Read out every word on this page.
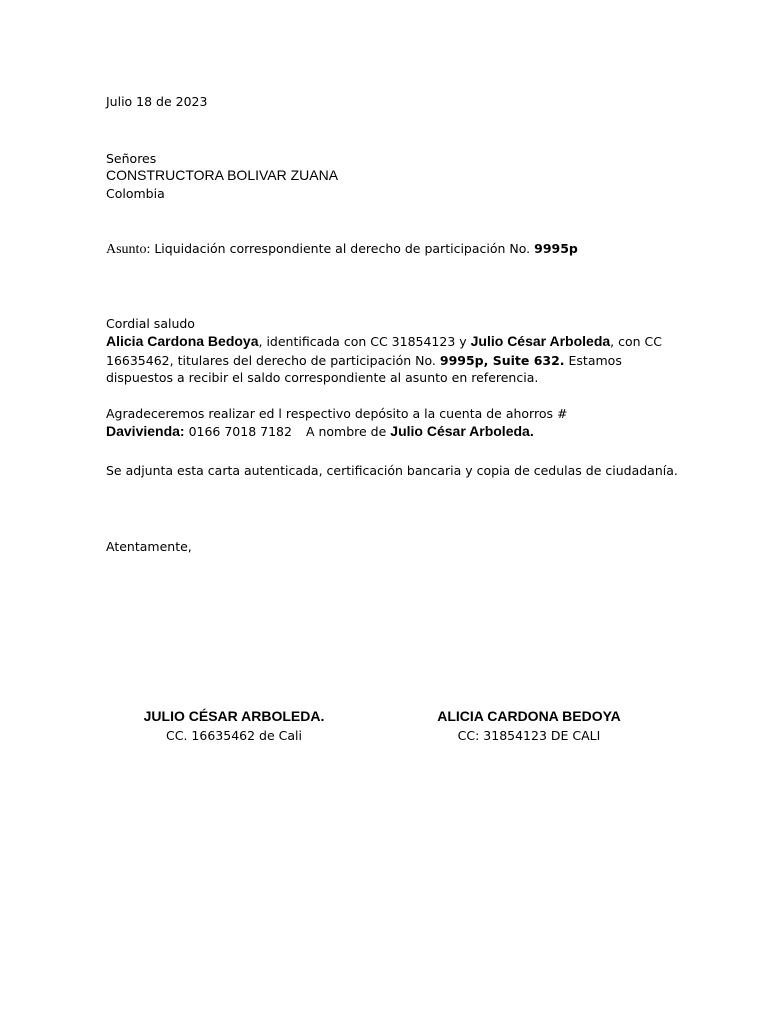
Julio 18 de 2023
Señores
CONSTRUCTORA BOLIVAR ZUANA
Colombia
Asunto: Liquidación correspondiente al derecho de participación No. 9995p
Cordial saludo
Alicia Cardona Bedoya, identificada con CC 31854123 y Julio César Arboleda, con CC
16635462, titulares del derecho de participación No. 9995p, Suite 632. Estamos
dispuestos a recibir el saldo correspondiente al asunto en referencia.
Agradeceremos realizar ed l respectivo depósito a la cuenta de ahorros #
Davivienda: 0166 7018 7182 A nombre de Julio César Arboleda.
Se adjunta esta carta autenticada, certificación bancaria y copia de cedulas de ciudadanía.
Atentamente,
JULIO CÉSAR ARBOLEDA.
CC. 16635462 de Cali
ALICIA CARDONA BEDOYA
CC: 31854123 DE CALI
